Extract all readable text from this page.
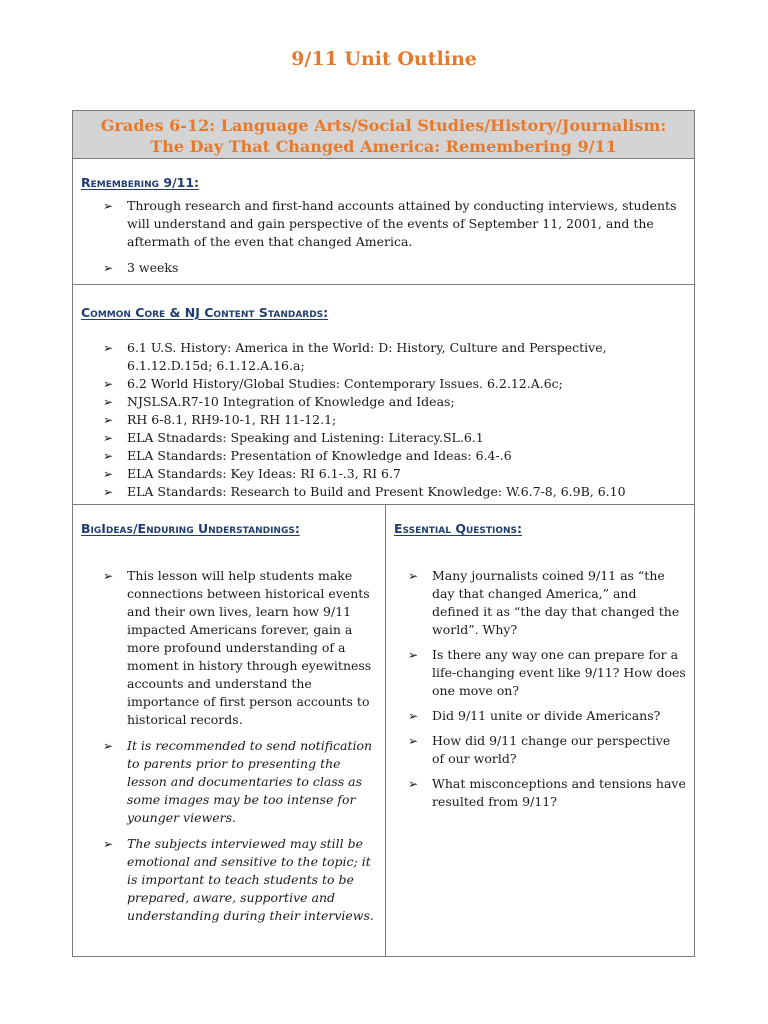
9/11 Unit Outline
Grades 6-12: Language Arts/Social Studies/History/Journalism:
The Day That Changed America: Remembering 9/11
Remembering 9/11:
➢ Through research and first-hand accounts attained by conducting interviews, students will understand and gain perspective of the events of September 11, 2001, and the aftermath of the even that changed America.
➢ 3 weeks
Common Core & NJ Content Standards:
➢ 6.1 U.S. History: America in the World: D: History, Culture and Perspective, 6.1.12.D.15d; 6.1.12.A.16.a;
➢ 6.2 World History/Global Studies: Contemporary Issues. 6.2.12.A.6c;
➢ NJSLSA.R7-10 Integration of Knowledge and Ideas;
➢ RH 6-8.1, RH9-10-1, RH 11-12.1;
➢ ELA Stnadards: Speaking and Listening: Literacy.SL.6.1
➢ ELA Standards: Presentation of Knowledge and Ideas: 6.4-.6
➢ ELA Standards: Key Ideas: RI 6.1-.3, RI 6.7
➢ ELA Standards: Research to Build and Present Knowledge: W.6.7-8, 6.9B, 6.10
BigIdeas/Enduring Understandings:
➢ This lesson will help students make connections between historical events and their own lives, learn how 9/11 impacted Americans forever, gain a more profound understanding of a moment in history through eyewitness accounts and understand the importance of first person accounts to historical records.
➢ It is recommended to send notification to parents prior to presenting the lesson and documentaries to class as some images may be too intense for younger viewers.
➢ The subjects interviewed may still be emotional and sensitive to the topic; it is important to teach students to be prepared, aware, supportive and understanding during their interviews.
Essential Questions:
➢ Many journalists coined 9/11 as “the day that changed America,” and defined it as “the day that changed the world”. Why?
➢ Is there any way one can prepare for a life-changing event like 9/11? How does one move on?
➢ Did 9/11 unite or divide Americans?
➢ How did 9/11 change our perspective of our world?
➢ What misconceptions and tensions have resulted from 9/11?
